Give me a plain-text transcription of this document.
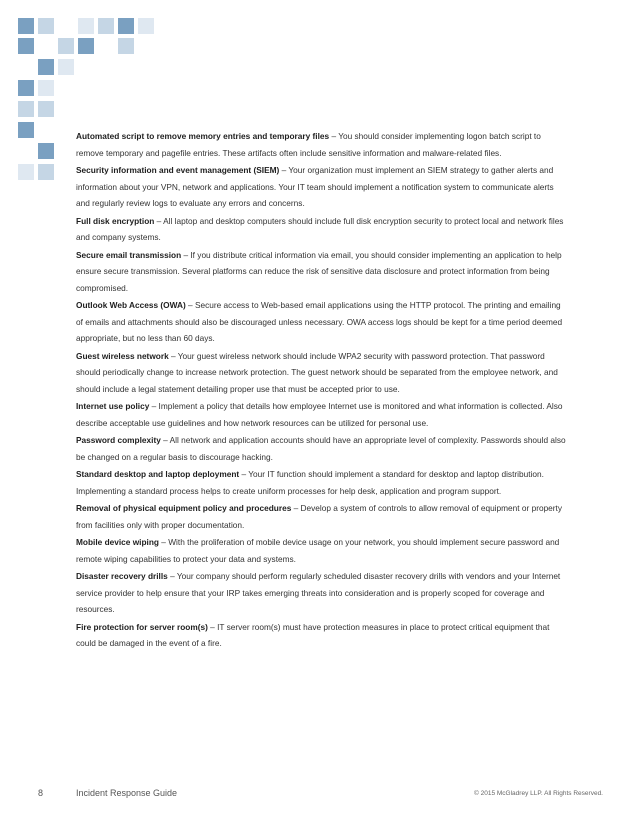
Automated script to remove memory entries and temporary files – You should consider implementing logon batch script to remove temporary and pagefile entries. These artifacts often include sensitive information and malware-related files.

Security information and event management (SIEM) – Your organization must implement an SIEM strategy to gather alerts and information about your VPN, network and applications. Your IT team should implement a notification system to communicate alerts and regularly review logs to evaluate any errors and concerns.

Full disk encryption – All laptop and desktop computers should include full disk encryption security to protect local and network files and company systems.

Secure email transmission – If you distribute critical information via email, you should consider implementing an application to help ensure secure transmission. Several platforms can reduce the risk of sensitive data disclosure and protect information from being compromised.

Outlook Web Access (OWA) – Secure access to Web-based email applications using the HTTP protocol. The printing and emailing of emails and attachments should also be discouraged unless necessary. OWA access logs should be kept for a time period deemed appropriate, but no less than 60 days.

Guest wireless network – Your guest wireless network should include WPA2 security with password protection. That password should periodically change to increase network protection. The guest network should be separated from the employee network, and should include a legal statement detailing proper use that must be accepted prior to use.

Internet use policy – Implement a policy that details how employee Internet use is monitored and what information is collected. Also describe acceptable use guidelines and how network resources can be utilized for personal use.

Password complexity – All network and application accounts should have an appropriate level of complexity. Passwords should also be changed on a regular basis to discourage hacking.

Standard desktop and laptop deployment – Your IT function should implement a standard for desktop and laptop distribution. Implementing a standard process helps to create uniform processes for help desk, application and program support.

Removal of physical equipment policy and procedures – Develop a system of controls to allow removal of equipment or property from facilities only with proper documentation.

Mobile device wiping – With the proliferation of mobile device usage on your network, you should implement secure password and remote wiping capabilities to protect your data and systems.

Disaster recovery drills – Your company should perform regularly scheduled disaster recovery drills with vendors and your Internet service provider to help ensure that your IRP takes emerging threats into consideration and is properly scoped for coverage and resources.

Fire protection for server room(s) – IT server room(s) must have protection measures in place to protect critical equipment that could be damaged in the event of a fire.

8	Incident Response Guide	© 2015 McGladrey LLP. All Rights Reserved.
